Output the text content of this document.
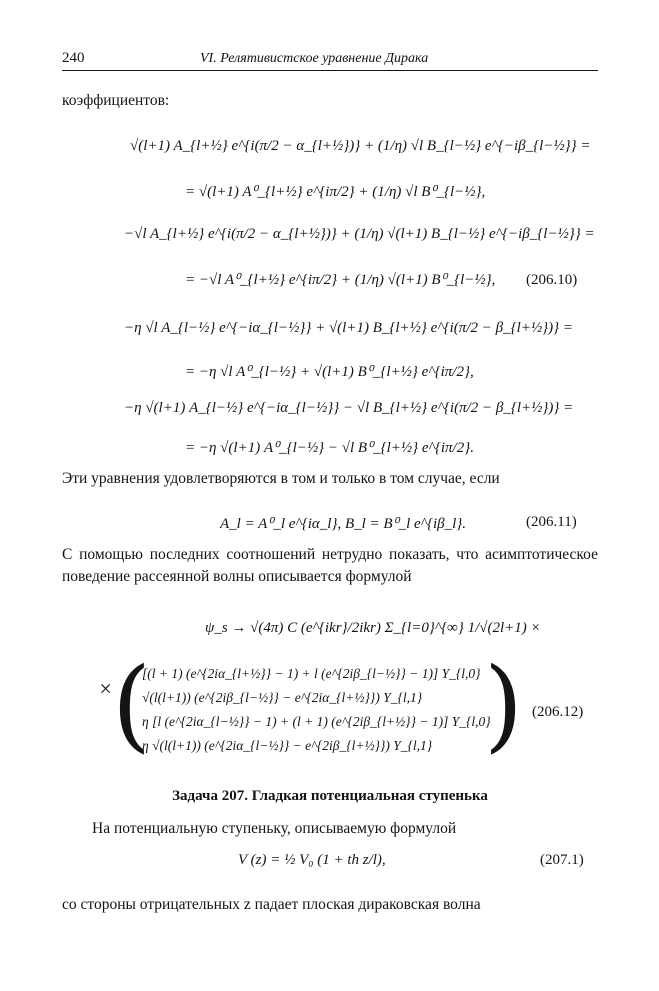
240	VI. Релятивистское уравнение Дирака
коэффициентов:
√(l+1) A_{l+½} e^{i(π/2 − α_{l+½})} + (1/η) √l B_{l−½} e^{−iβ_{l−½}} =
= √(l+1) A⁰_{l+½} e^{iπ/2} + (1/η) √l B⁰_{l−½},
−√l A_{l+½} e^{i(π/2 − α_{l+½})} + (1/η) √(l+1) B_{l−½} e^{−iβ_{l−½}} =
= −√l A⁰_{l+½} e^{iπ/2} + (1/η) √(l+1) B⁰_{l−½}, (206.10)
−η √l A_{l−½} e^{−iα_{l−½}} + √(l+1) B_{l+½} e^{i(π/2 − β_{l+½})} =
= −η √l A⁰_{l−½} + √(l+1) B⁰_{l+½} e^{iπ/2},
−η √(l+1) A_{l−½} e^{−iα_{l−½}} − √l B_{l+½} e^{i(π/2 − β_{l+½})} =
= −η √(l+1) A⁰_{l−½} − √l B⁰_{l+½} e^{iπ/2}.
Эти уравнения удовлетворяются в том и только в том случае, если
A_l = A⁰_l e^{iα_l}, B_l = B⁰_l e^{iβ_l}.	(206.11)
С помощью последних соотношений нетрудно показать, что асимптотическое поведение рассеянной волны описывается формулой
ψ_s → √(4π) C (e^{ikr}/2ikr) Σ_{l=0}^{∞} 1/√(2l+1) ×
× (
[(l + 1) (e^{2iα_{l+½}} − 1) + l (e^{2iβ_{l−½}} − 1)] Y_{l,0}
√(l(l+1)) (e^{2iβ_{l−½}} − e^{2iα_{l+½}}) Y_{l,1}
η [l (e^{2iα_{l−½}} − 1) + (l + 1) (e^{2iβ_{l+½}} − 1)] Y_{l,0}
η √(l(l+1)) (e^{2iα_{l−½}} − e^{2iβ_{l+½}}) Y_{l,1} ) (206.12)
Задача 207. Гладкая потенциальная ступенька
На потенциальную ступеньку, описываемую формулой
V (z) = ½ V₀ (1 + th z/l),	(207.1)
со стороны отрицательных z падает плоская дираковская волна
